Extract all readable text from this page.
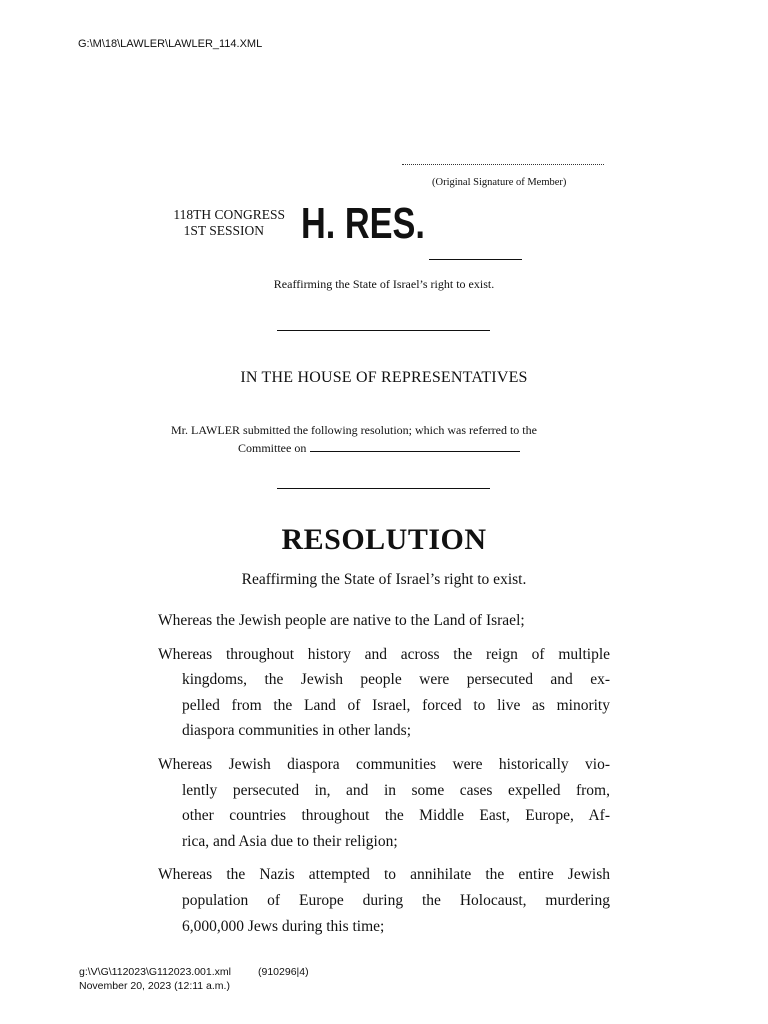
G:\M\18\LAWLER\LAWLER_114.XML
(Original Signature of Member)
118TH CONGRESS
1ST SESSION H. RES.
Reaffirming the State of Israel’s right to exist.
IN THE HOUSE OF REPRESENTATIVES
Mr. LAWLER submitted the following resolution; which was referred to the
Committee on
RESOLUTION
Reaffirming the State of Israel’s right to exist.
Whereas the Jewish people are native to the Land of Israel;
Whereas throughout history and across the reign of multiple
kingdoms, the Jewish people were persecuted and ex-
pelled from the Land of Israel, forced to live as minority
diaspora communities in other lands;
Whereas Jewish diaspora communities were historically vio-
lently persecuted in, and in some cases expelled from,
other countries throughout the Middle East, Europe, Af-
rica, and Asia due to their religion;
Whereas the Nazis attempted to annihilate the entire Jewish
population of Europe during the Holocaust, murdering
6,000,000 Jews during this time;
g:\V\G\112023\G112023.001.xml	(910296|4)
November 20, 2023 (12:11 a.m.)
